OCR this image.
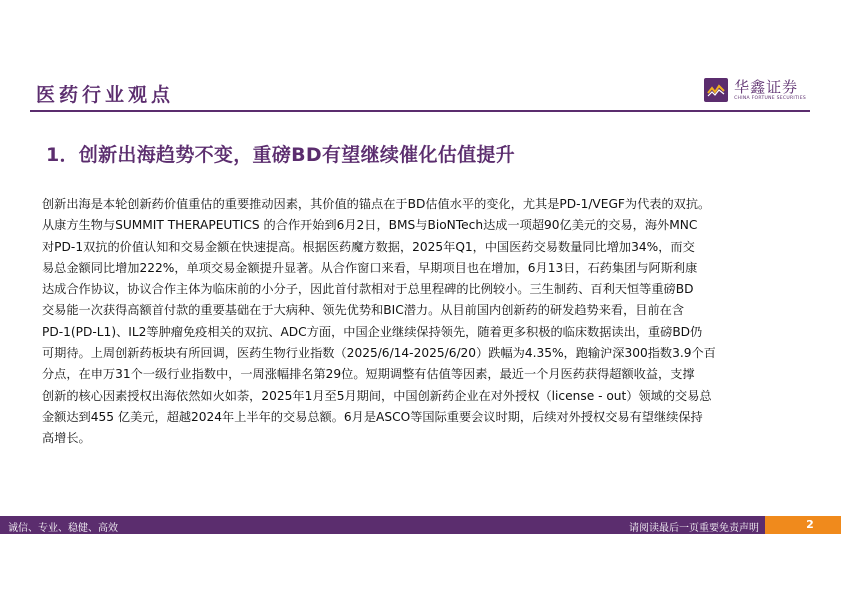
医药行业观点	华鑫证券
CHINA FORTUNE SECURITIES
1．创新出海趋势不变，重磅BD有望继续催化估值提升

创新出海是本轮创新药价值重估的重要推动因素，其价值的锚点在于BD估值水平的变化，尤其是PD-1/VEGF为代表的双抗。

从康方生物与SUMMIT THERAPEUTICS 的合作开始到6月2日，BMS与BioNTech达成一项超90亿美元的交易，海外MNC

对PD-1双抗的价值认知和交易金额在快速提高。根据医药魔方数据，2025年Q1，中国医药交易数量同比增加34%，而交

易总金额同比增加222%，单项交易金额提升显著。从合作窗口来看，早期项目也在增加，6月13日，石药集团与阿斯利康

达成合作协议，协议合作主体为临床前的小分子，因此首付款相对于总里程碑的比例较小。三生制药、百利天恒等重磅BD

交易能一次获得高额首付款的重要基础在于大病种、领先优势和BIC潜力。从目前国内创新药的研发趋势来看，目前在含

PD-1(PD-L1)、IL2等肿瘤免疫相关的双抗、ADC方面，中国企业继续保持领先，随着更多积极的临床数据读出，重磅BD仍

可期待。上周创新药板块有所回调，医药生物行业指数（2025/6/14-2025/6/20）跌幅为4.35%，跑输沪深300指数3.9个百

分点，在申万31个一级行业指数中，一周涨幅排名第29位。短期调整有估值等因素，最近一个月医药获得超额收益，支撑

创新的核心因素授权出海依然如火如荼，2025年1月至5月期间，中国创新药企业在对外授权（license - out）领域的交易总

金额达到455 亿美元，超越2024年上半年的交易总额。6月是ASCO等国际重要会议时期，后续对外授权交易有望继续保持

高增长。

诚信、专业、稳健、高效	请阅读最后一页重要免责声明	2
